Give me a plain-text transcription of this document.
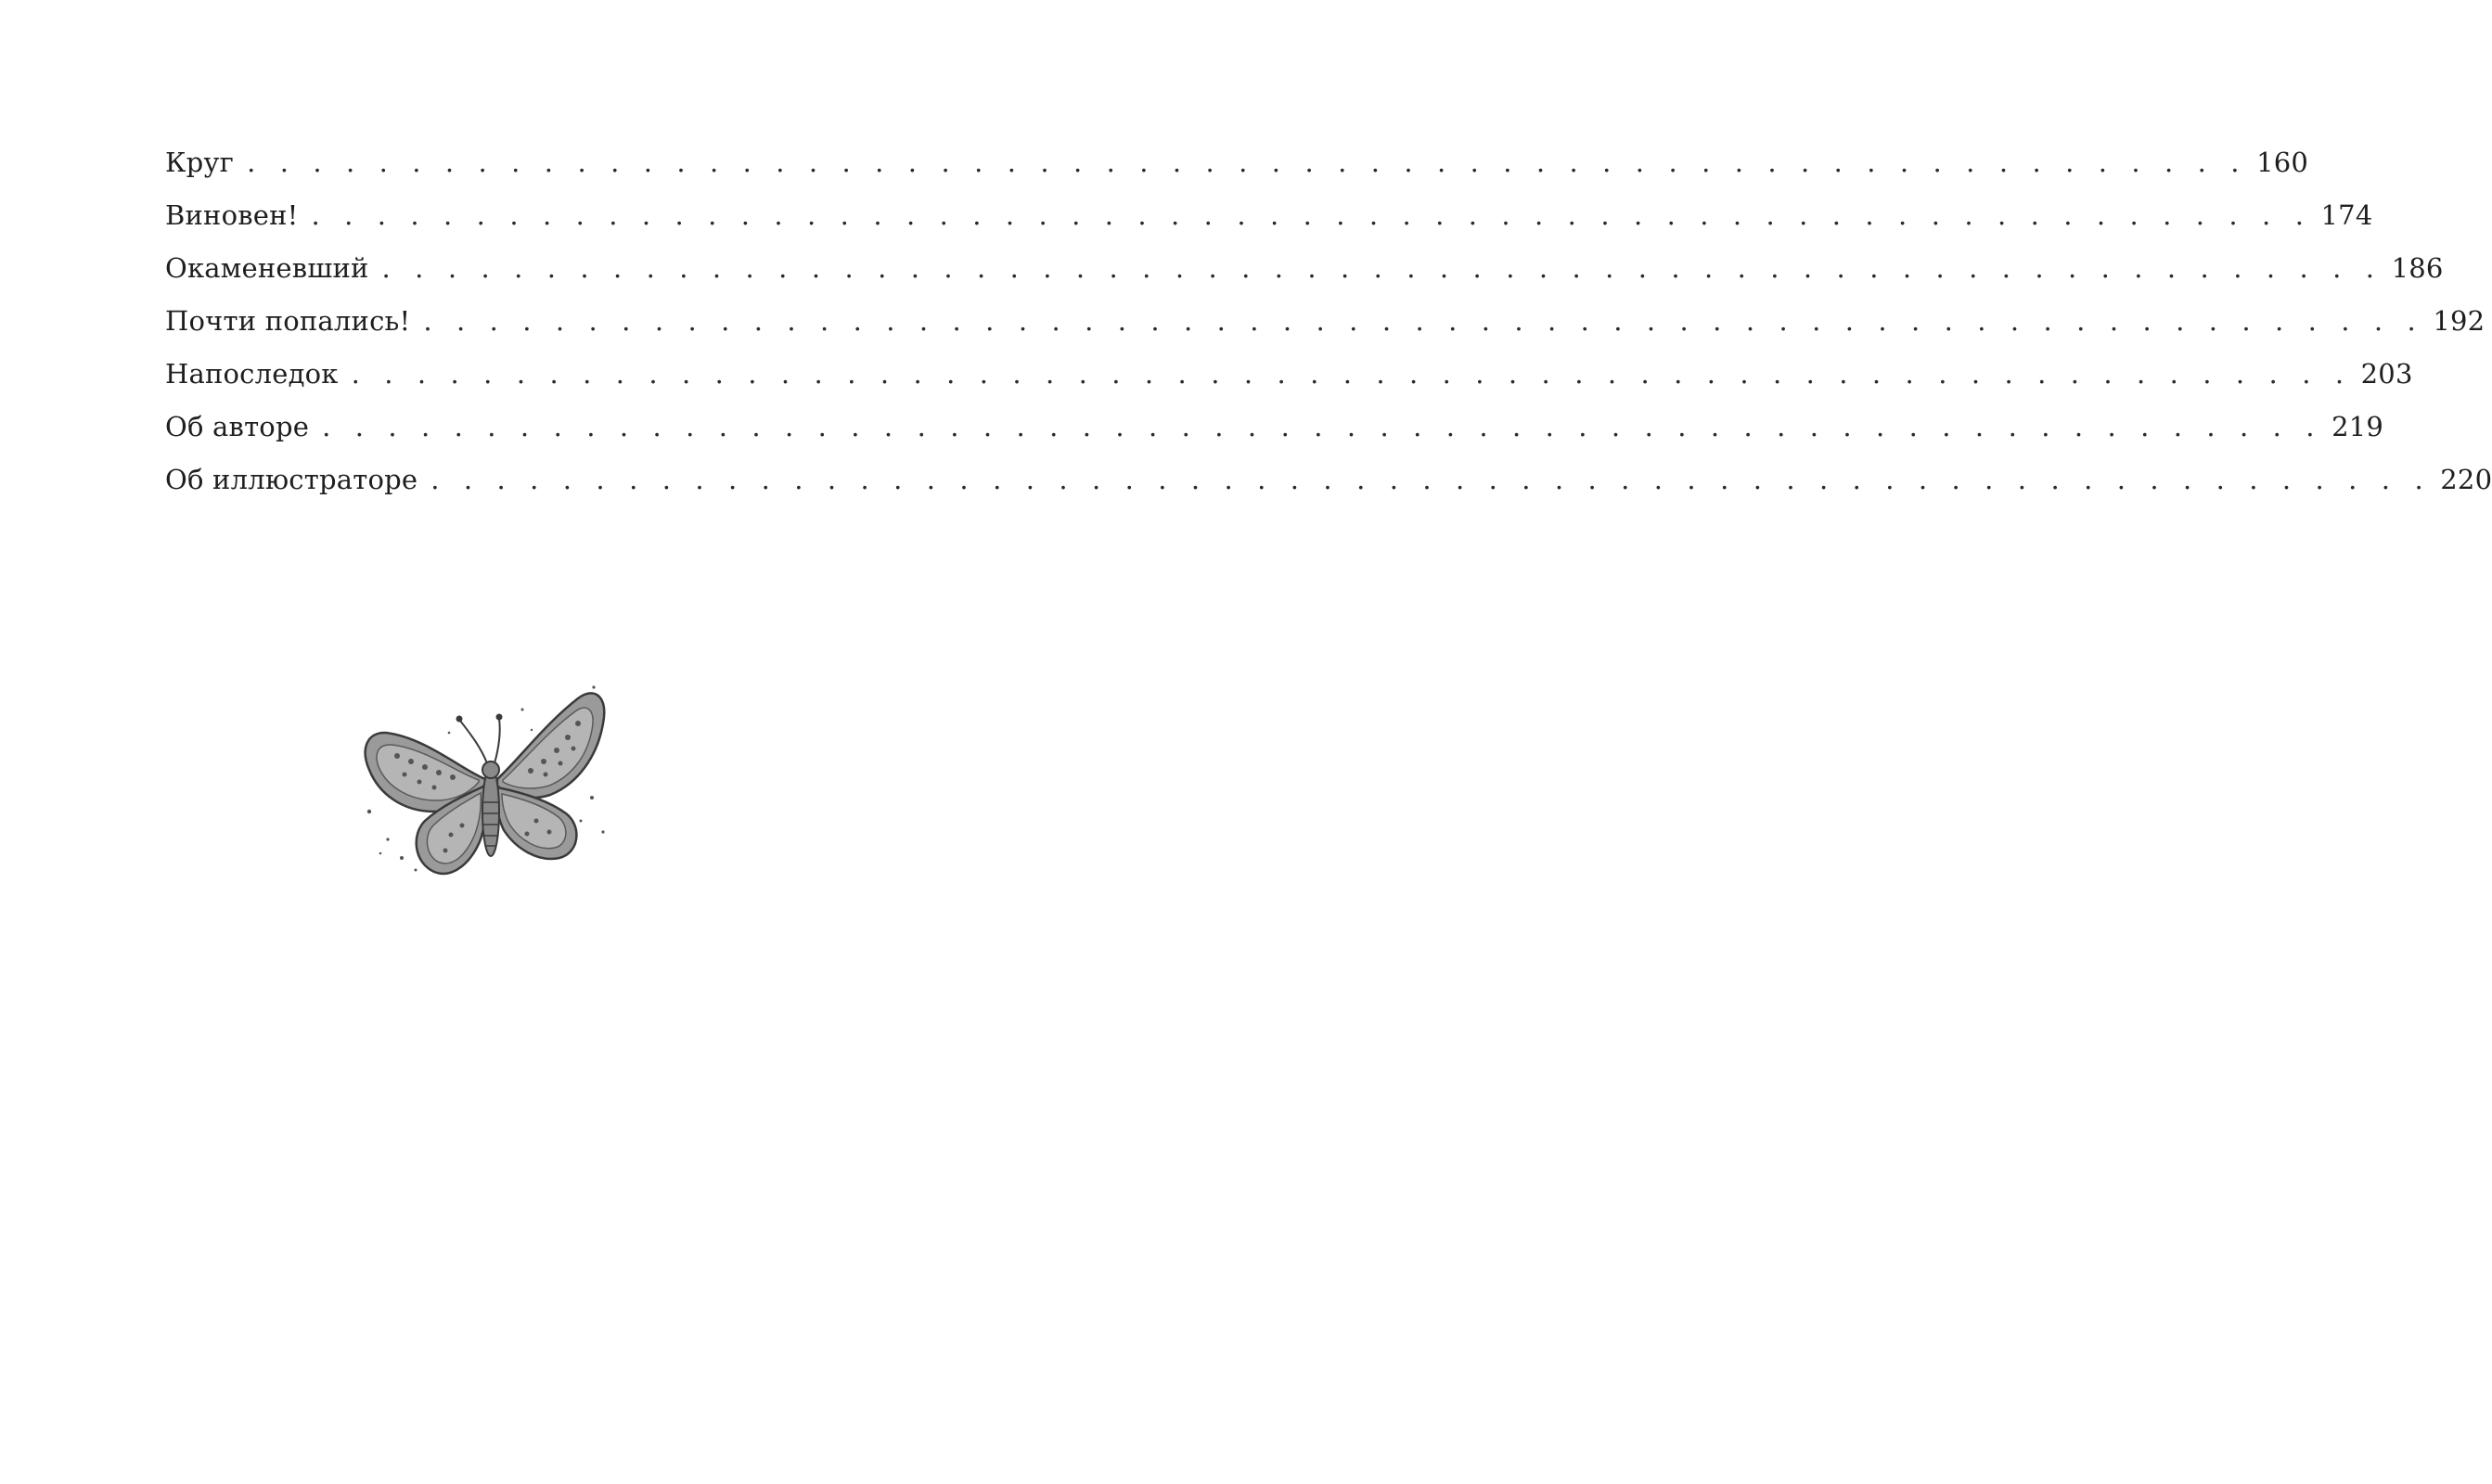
Круг . . . . . . . . . . . . . . . . . . . . . . . . . . . . . . . . . . . . . . . . . . . . . . . . . . . . . . . . . . . . . 160
Виновен! . . . . . . . . . . . . . . . . . . . . . . . . . . . . . . . . . . . . . . . . . . . . . . . . . . . . . . . . . . . . . 174
Окаменевший . . . . . . . . . . . . . . . . . . . . . . . . . . . . . . . . . . . . . . . . . . . . . . . . . . . . . . . . . . . . . 186
Почти попались! . . . . . . . . . . . . . . . . . . . . . . . . . . . . . . . . . . . . . . . . . . . . . . . . . . . . . . . . . . . . . 192
Напоследок . . . . . . . . . . . . . . . . . . . . . . . . . . . . . . . . . . . . . . . . . . . . . . . . . . . . . . . . . . . . . 203
Об авторе . . . . . . . . . . . . . . . . . . . . . . . . . . . . . . . . . . . . . . . . . . . . . . . . . . . . . . . . . . . . . 219
Об иллюстраторе . . . . . . . . . . . . . . . . . . . . . . . . . . . . . . . . . . . . . . . . . . . . . . . . . . . . . . . . . . . . . 220
